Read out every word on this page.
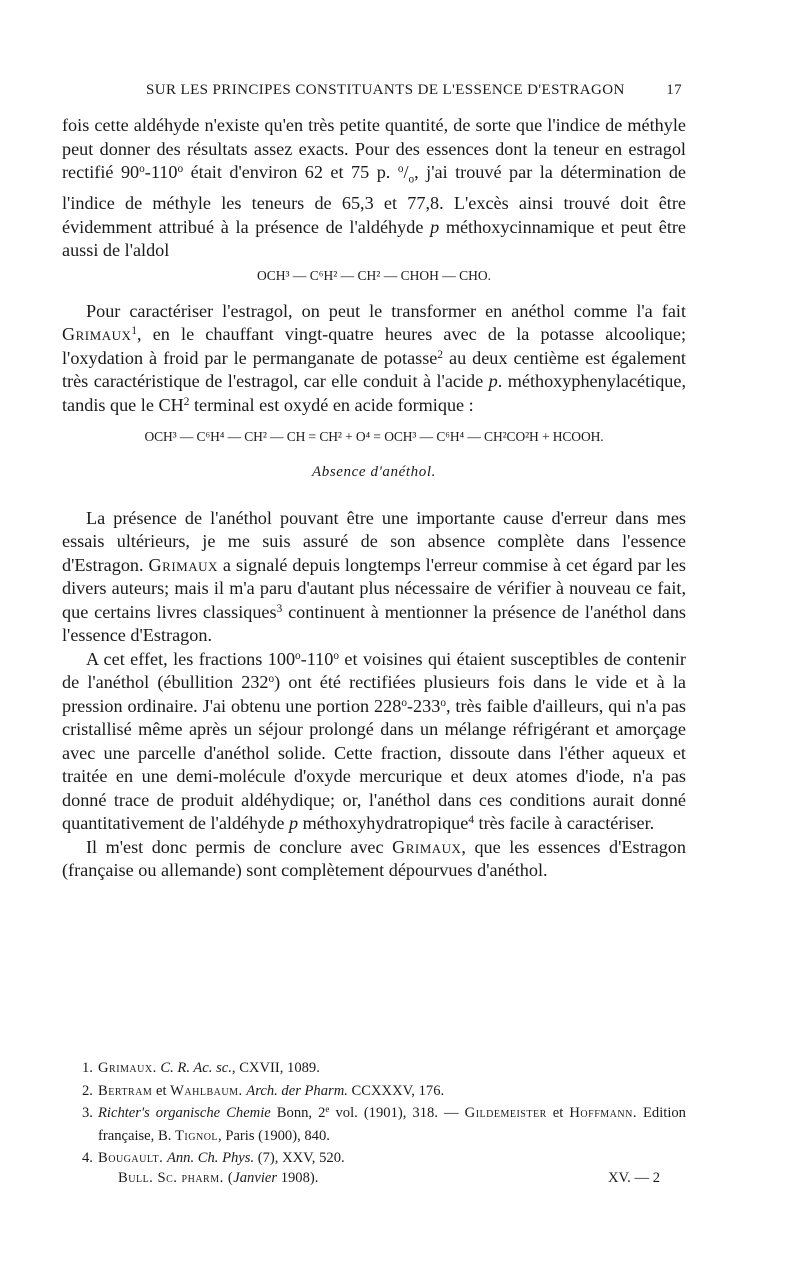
SUR LES PRINCIPES CONSTITUANTS DE L'ESSENCE D'ESTRAGON	17

fois cette aldéhyde n'existe qu'en très petite quantité, de sorte que l'indice de méthyle peut donner des résultats assez exacts. Pour des essences dont la teneur en estragol rectifié 90$^o$-110$^o$ était d'environ 62 et 75 p. $^o/_o$, j'ai trouvé par la détermination de l'indice de méthyle les teneurs de 65,3 et 77,8. L'excès ainsi trouvé doit être évidemment attribué à la présence de l'aldéhyde p méthoxycinnamique et peut être aussi de l'aldol

OCH³ — C⁶H² — CH² — CHOH — CHO.

Pour caractériser l'estragol, on peut le transformer en anéthol comme l'a fait Grimaux$^1$, en le chauffant vingt-quatre heures avec de la potasse alcoolique; l'oxydation à froid par le permanganate de potasse$^2$ au deux centième est également très caractéristique de l'estragol, car elle conduit à l'acide p. méthoxyphenylacétique, tandis que le $CH^2$ terminal est oxydé en acide formique :

OCH³ — C⁶H⁴ — CH² — CH = CH² + O⁴ = OCH³ — C⁶H⁴ — CH²CO²H + HCOOH.
Absence d'anéthol.

La présence de l'anéthol pouvant être une importante cause d'erreur dans mes essais ultérieurs, je me suis assuré de son absence complète dans l'essence d'Estragon. Grimaux a signalé depuis longtemps l'erreur commise à cet égard par les divers auteurs; mais il m'a paru d'autant plus nécessaire de vérifier à nouveau ce fait, que certains livres classiques$^3$ continuent à mentionner la présence de l'anéthol dans l'essence d'Estragon.

A cet effet, les fractions 100$^o$-110$^o$ et voisines qui étaient susceptibles de contenir de l'anéthol (ébullition 232$^o$) ont été rectifiées plusieurs fois dans le vide et à la pression ordinaire. J'ai obtenu une portion 228$^o$-233$^o$, très faible d'ailleurs, qui n'a pas cristallisé même après un séjour prolongé dans un mélange réfrigérant et amorçage avec une parcelle d'anéthol solide. Cette fraction, dissoute dans l'éther aqueux et traitée en une demi-molécule d'oxyde mercurique et deux atomes d'iode, n'a pas donné trace de produit aldéhydique; or, l'anéthol dans ces conditions aurait donné quantitativement de l'aldéhyde p méthoxyhydratropique$^4$ très facile à caractériser.

Il m'est donc permis de conclure avec Grimaux, que les essences d'Estragon (française ou allemande) sont complètement dépourvues d'anéthol.

1. Grimaux. C. R. Ac. sc., CXVII, 1089.
2. Bertram et Wahlbaum. Arch. der Pharm. CCXXXV, 176.
3. Richter's organische Chemie Bonn, 2e vol. (1901), 318. — Gildemeister et Hoffmann. Edition française, B. Tignol, Paris (1900), 840.
4. Bougault. Ann. Ch. Phys. (7), XXV, 520.
Bull. Sc. pharm. (Janvier 1908).	XV. — 2
